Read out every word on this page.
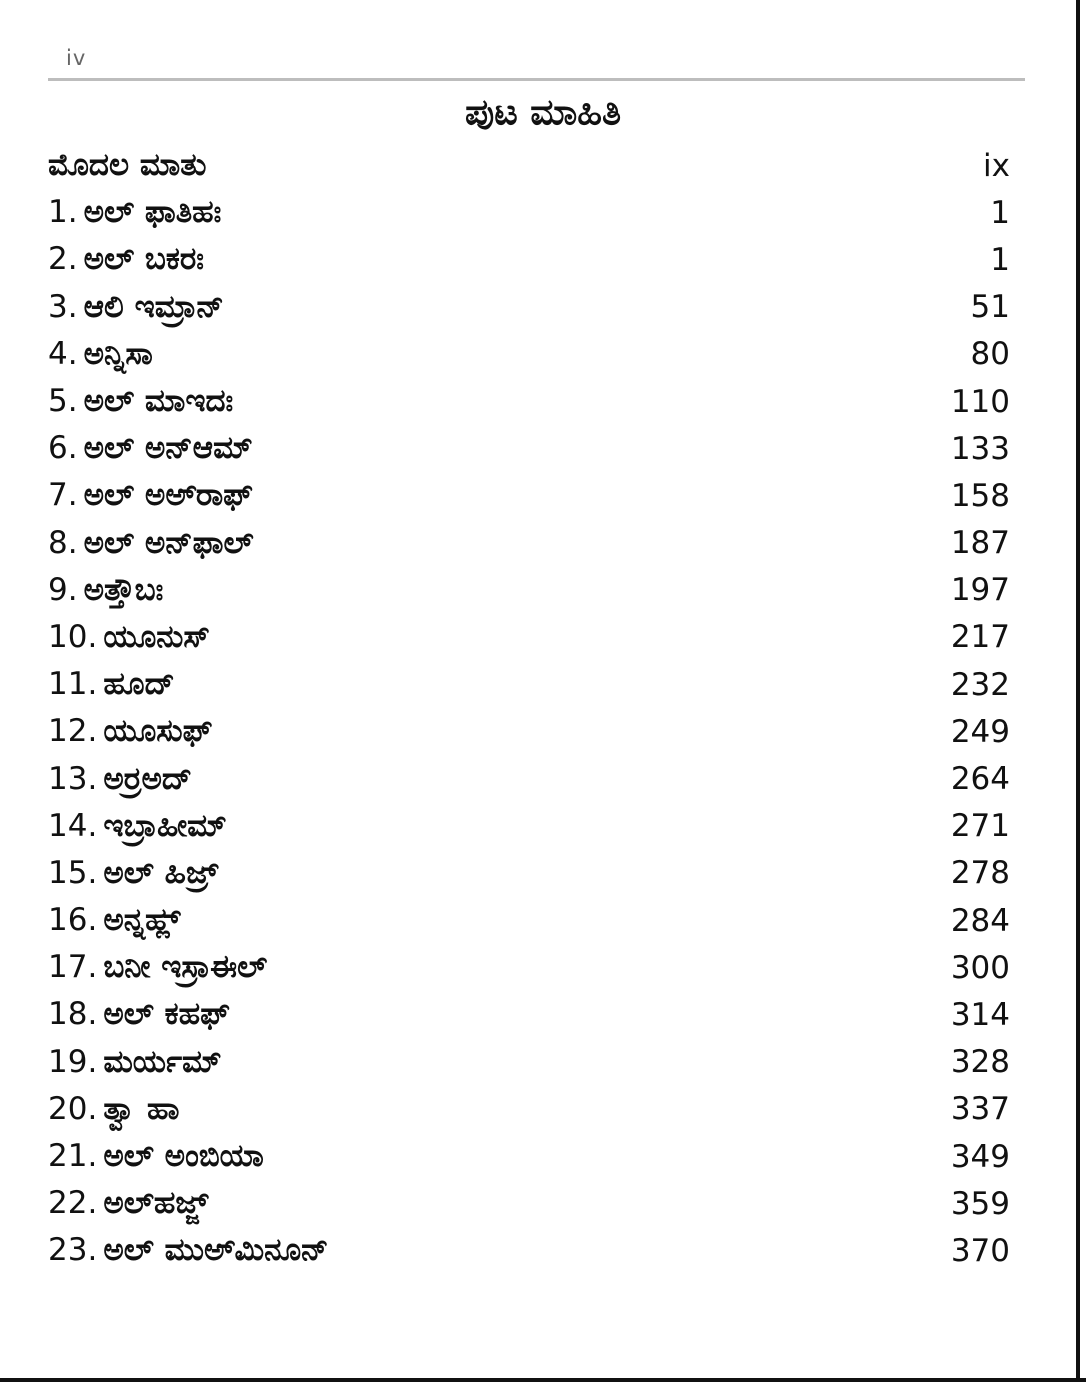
iv
ಪುಟ ಮಾಹಿತಿ
ಮೊದಲ ಮಾತು	ix
1. ಅಲ್ ಫಾತಿಹಃ	1
2. ಅಲ್ ಬಕರಃ	1
3. ಆಲಿ ಇಮ್ರಾನ್	51
4. ಅನ್ನಿಸಾ	80
5. ಅಲ್ ಮಾಇದಃ	110
6. ಅಲ್ ಅನ್‌ಆಮ್	133
7. ಅಲ್ ಅಅ್‌ರಾಫ್	158
8. ಅಲ್ ಅನ್‌ಫಾಲ್	187
9. ಅತ್ತೌಬಃ	197
10. ಯೂನುಸ್	217
11. ಹೂದ್	232
12. ಯೂಸುಫ್	249
13. ಅರ್ರಅದ್	264
14. ಇಬ್ರಾಹೀಮ್	271
15. ಅಲ್ ಹಿಜ್ರ್	278
16. ಅನ್ನಹ್ಲ್	284
17. ಬನೀ ಇಸ್ರಾಈಲ್	300
18. ಅಲ್ ಕಹಫ್	314
19. ಮರ್ಯಮ್	328
20. ತ್ವಾ ಹಾ	337
21. ಅಲ್ ಅಂಬಿಯಾ	349
22. ಅಲ್‌ಹಜ್ಜ್	359
23. ಅಲ್ ಮುಅ್‌ಮಿನೂನ್	370
